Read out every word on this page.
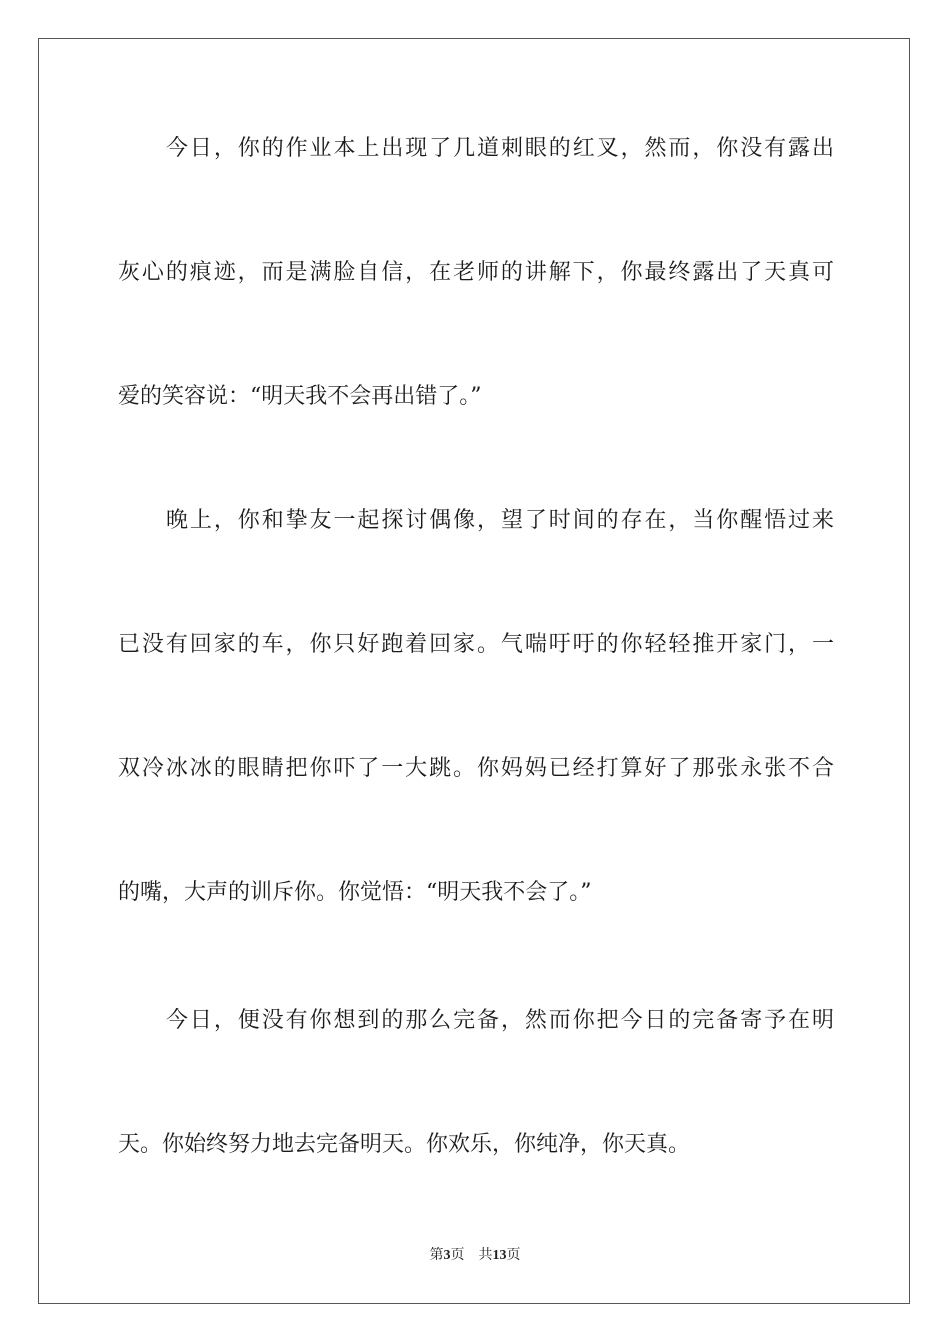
今日，你的作业本上出现了几道刺眼的红叉，然而，你没有露出
灰心的痕迹，而是满脸自信，在老师的讲解下，你最终露出了天真可
爱的笑容说：“明天我不会再出错了。”
晚上，你和挚友一起探讨偶像，望了时间的存在，当你醒悟过来
已没有回家的车，你只好跑着回家。气喘吁吁的你轻轻推开家门，一
双冷冰冰的眼睛把你吓了一大跳。你妈妈已经打算好了那张永张不合
的嘴，大声的训斥你。你觉悟：“明天我不会了。”
今日，便没有你想到的那么完备，然而你把今日的完备寄予在明
天。你始终努力地去完备明天。你欢乐，你纯净，你天真。
第3页 共13页
